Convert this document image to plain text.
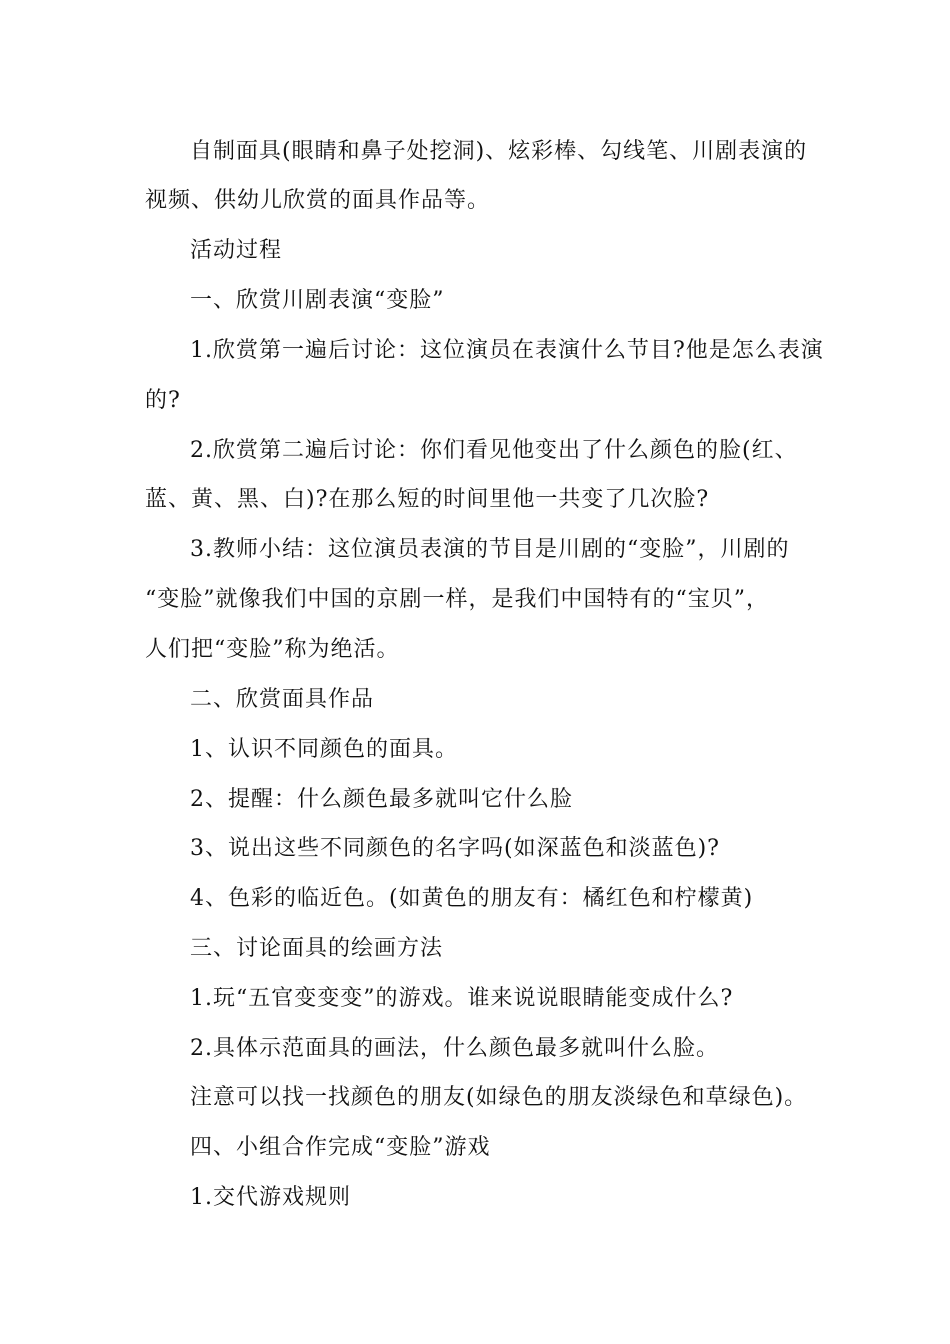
自制面具(眼睛和鼻子处挖洞)、炫彩棒、勾线笔、川剧表演的
视频、供幼儿欣赏的面具作品等。
活动过程
一、欣赏川剧表演“变脸”
1.欣赏第一遍后讨论：这位演员在表演什么节目?他是怎么表演
的?
2.欣赏第二遍后讨论：你们看见他变出了什么颜色的脸(红、
蓝、黄、黑、白)?在那么短的时间里他一共变了几次脸?
3.教师小结：这位演员表演的节目是川剧的“变脸”，川剧的
“变脸”就像我们中国的京剧一样，是我们中国特有的“宝贝”，
人们把“变脸”称为绝活。
二、欣赏面具作品
1、认识不同颜色的面具。
2、提醒：什么颜色最多就叫它什么脸
3、说出这些不同颜色的名字吗(如深蓝色和淡蓝色)?
4、色彩的临近色。(如黄色的朋友有：橘红色和柠檬黄)
三、讨论面具的绘画方法
1.玩“五官变变变”的游戏。谁来说说眼睛能变成什么?
2.具体示范面具的画法，什么颜色最多就叫什么脸。
注意可以找一找颜色的朋友(如绿色的朋友淡绿色和草绿色)。
四、小组合作完成“变脸”游戏
1.交代游戏规则
